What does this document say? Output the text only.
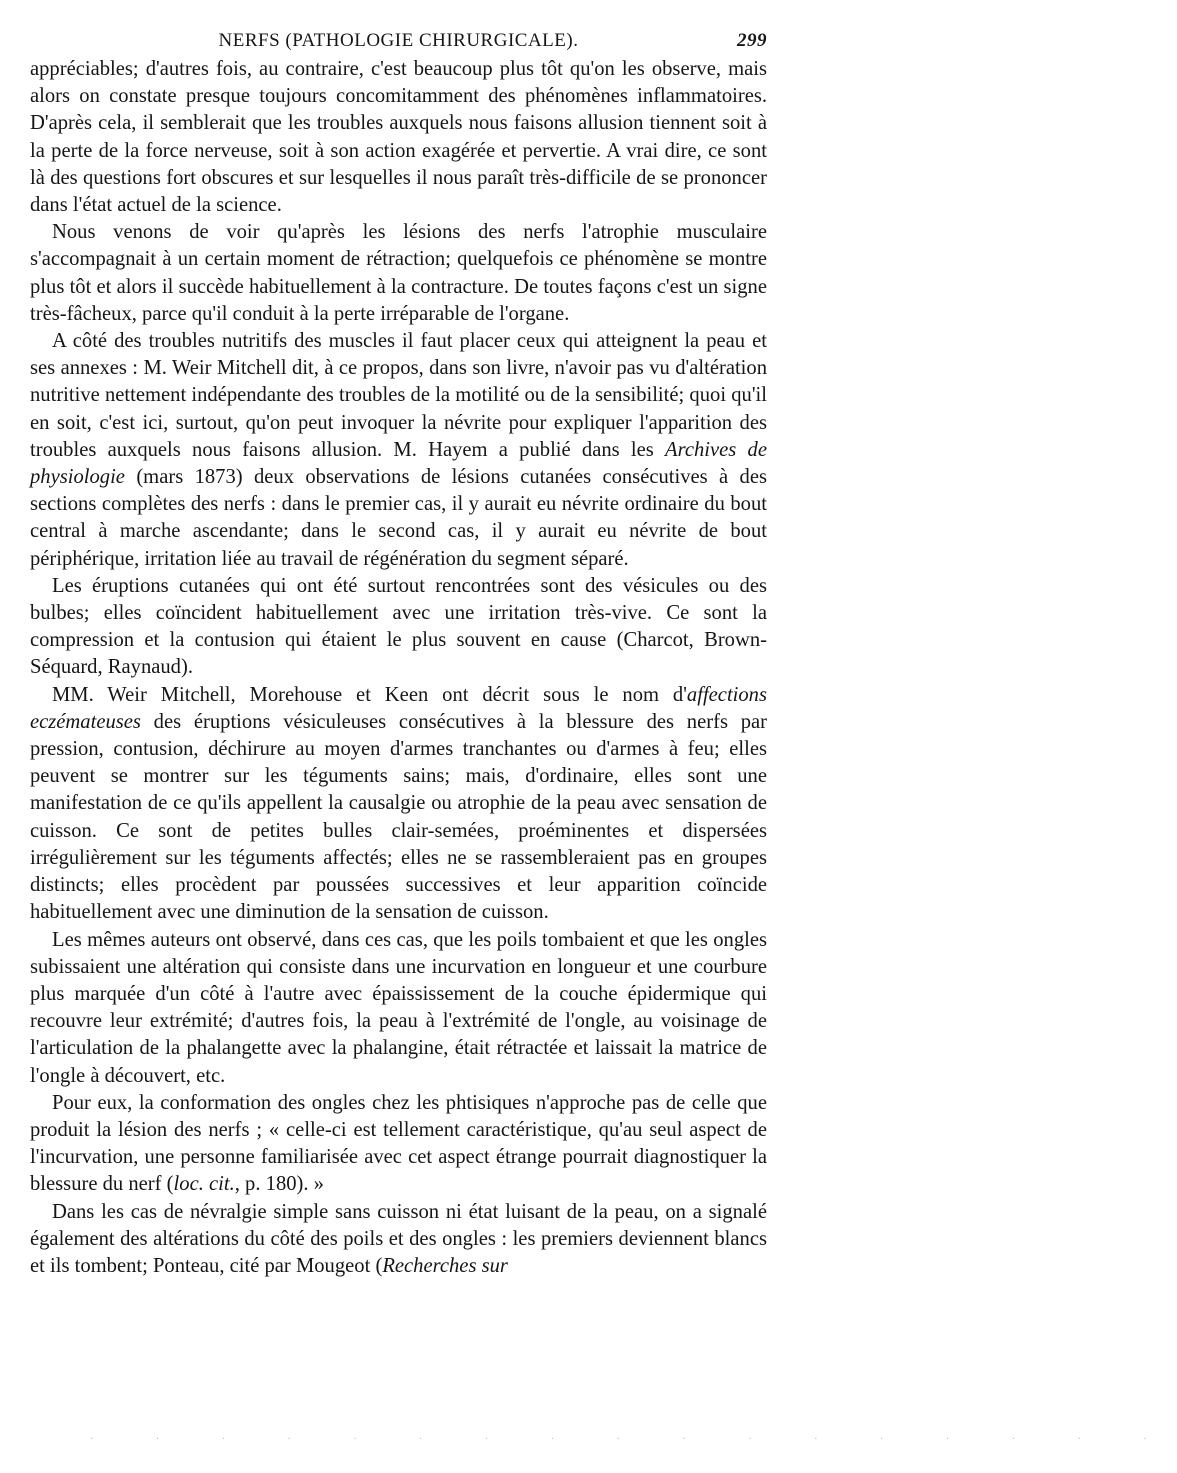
NERFS (PATHOLOGIE CHIRURGICALE).	299

appréciables; d'autres fois, au contraire, c'est beaucoup plus tôt qu'on les observe, mais alors on constate presque toujours concomitamment des phénomènes inflammatoires. D'après cela, il semblerait que les troubles auxquels nous faisons allusion tiennent soit à la perte de la force nerveuse, soit à son action exagérée et pervertie. A vrai dire, ce sont là des questions fort obscures et sur lesquelles il nous paraît très-difficile de se prononcer dans l'état actuel de la science.

Nous venons de voir qu'après les lésions des nerfs l'atrophie musculaire s'accompagnait à un certain moment de rétraction; quelquefois ce phénomène se montre plus tôt et alors il succède habituellement à la contracture. De toutes façons c'est un signe très-fâcheux, parce qu'il conduit à la perte irréparable de l'organe.

A côté des troubles nutritifs des muscles il faut placer ceux qui atteignent la peau et ses annexes : M. Weir Mitchell dit, à ce propos, dans son livre, n'avoir pas vu d'altération nutritive nettement indépendante des troubles de la motilité ou de la sensibilité; quoi qu'il en soit, c'est ici, surtout, qu'on peut invoquer la névrite pour expliquer l'apparition des troubles auxquels nous faisons allusion. M. Hayem a publié dans les Archives de physiologie (mars 1873) deux observations de lésions cutanées consécutives à des sections complètes des nerfs : dans le premier cas, il y aurait eu névrite ordinaire du bout central à marche ascendante; dans le second cas, il y aurait eu névrite de bout périphérique, irritation liée au travail de régénération du segment séparé.

Les éruptions cutanées qui ont été surtout rencontrées sont des vésicules ou des bulbes; elles coïncident habituellement avec une irritation très-vive. Ce sont la compression et la contusion qui étaient le plus souvent en cause (Charcot, Brown-Séquard, Raynaud).

MM. Weir Mitchell, Morehouse et Keen ont décrit sous le nom d'affections eczémateuses des éruptions vésiculeuses consécutives à la blessure des nerfs par pression, contusion, déchirure au moyen d'armes tranchantes ou d'armes à feu; elles peuvent se montrer sur les téguments sains; mais, d'ordinaire, elles sont une manifestation de ce qu'ils appellent la causalgie ou atrophie de la peau avec sensation de cuisson. Ce sont de petites bulles clair-semées, proéminentes et dispersées irrégulièrement sur les téguments affectés; elles ne se rassembleraient pas en groupes distincts; elles procèdent par poussées successives et leur apparition coïncide habituellement avec une diminution de la sensation de cuisson.

Les mêmes auteurs ont observé, dans ces cas, que les poils tombaient et que les ongles subissaient une altération qui consiste dans une incurvation en longueur et une courbure plus marquée d'un côté à l'autre avec épaississement de la couche épidermique qui recouvre leur extrémité; d'autres fois, la peau à l'extrémité de l'ongle, au voisinage de l'articulation de la phalangette avec la phalangine, était rétractée et laissait la matrice de l'ongle à découvert, etc.

Pour eux, la conformation des ongles chez les phtisiques n'approche pas de celle que produit la lésion des nerfs ; « celle-ci est tellement caractéristique, qu'au seul aspect de l'incurvation, une personne familiarisée avec cet aspect étrange pourrait diagnostiquer la blessure du nerf (loc. cit., p. 180). »

Dans les cas de névralgie simple sans cuisson ni état luisant de la peau, on a signalé également des altérations du côté des poils et des ongles : les premiers deviennent blancs et ils tombent; Ponteau, cité par Mougeot (Recherches sur

· · · · · · · · · · · · · · · · ·
